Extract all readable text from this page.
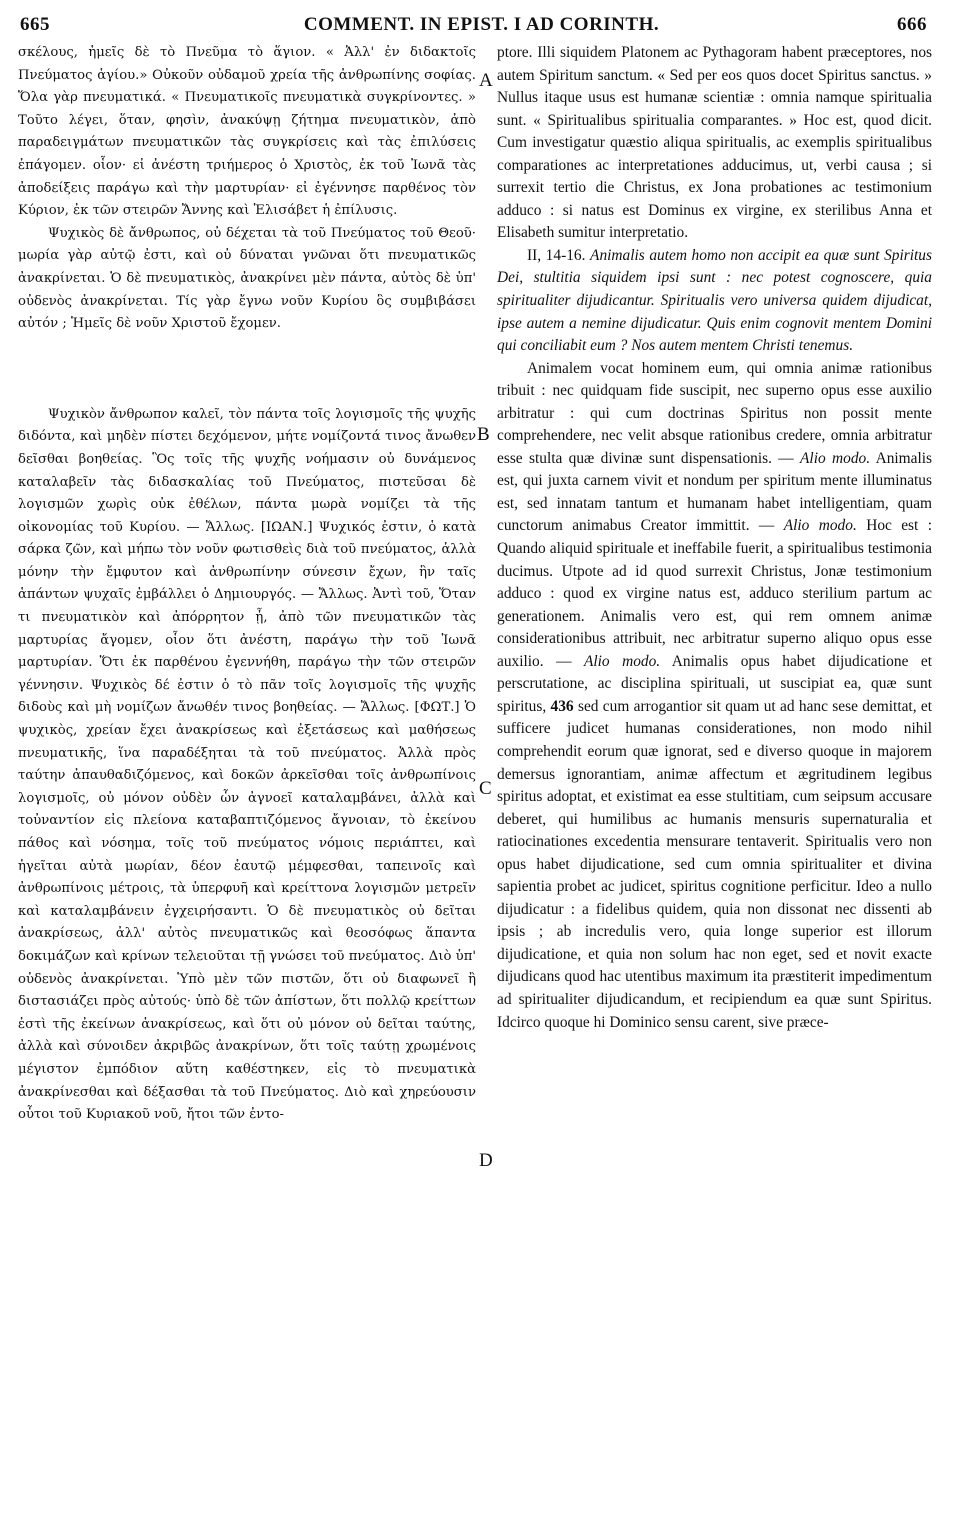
COMMENT. IN EPIST. I AD CORINTH.
665	666
A
B
C
D

σκέλους, ἡμεῖς δὲ τὸ Πνεῦμα τὸ ἅγιον. « Ἀλλ' ἐν διδακτοῖς Πνεύματος ἁγίου.» Οὐκοῦν οὐδαμοῦ χρεία τῆς ἀνθρωπίνης σοφίας. Ὅλα γὰρ πνευματικά. « Πνευματικοῖς πνευματικὰ συγκρίνοντες. » Τοῦτο λέγει, ὅταν, φησὶν, ἀνακύψῃ ζήτημα πνευματικὸν, ἀπὸ παραδειγμάτων πνευματικῶν τὰς συγκρίσεις καὶ τὰς ἐπιλύσεις ἐπάγομεν. οἷον· εἰ ἀνέστη τριήμερος ὁ Χριστὸς, ἐκ τοῦ Ἰωνᾶ τὰς ἀποδείξεις παράγω καὶ τὴν μαρτυρίαν· εἰ ἐγέννησε παρθένος τὸν Κύριον, ἐκ τῶν στειρῶν Ἄννης καὶ Ἐλισάβετ ἡ ἐπίλυσις.

Ψυχικὸς δὲ ἄνθρωπος, οὐ δέχεται τὰ τοῦ Πνεύματος τοῦ Θεοῦ· μωρία γὰρ αὐτῷ ἐστι, καὶ οὐ δύναται γνῶναι ὅτι πνευματικῶς ἀνακρίνεται. Ὁ δὲ πνευματικὸς, ἀνακρίνει μὲν πάντα, αὐτὸς δὲ ὑπ' οὐδενὸς ἀνακρίνεται. Τίς γὰρ ἔγνω νοῦν Κυρίου ὃς συμβιβάσει αὐτόν ; Ἡμεῖς δὲ νοῦν Χριστοῦ ἔχομεν.

Ψυχικὸν ἄνθρωπον καλεῖ, τὸν πάντα τοῖς λογισμοῖς τῆς ψυχῆς διδόντα, καὶ μηδὲν πίστει δεχόμενον, μήτε νομίζοντά τινος ἄνωθεν δεῖσθαι βοηθείας. Ὃς τοῖς τῆς ψυχῆς νοήμασιν οὐ δυνάμενος καταλαβεῖν τὰς διδασκαλίας τοῦ Πνεύματος, πιστεῦσαι δὲ λογισμῶν χωρὶς οὐκ ἐθέλων, πάντα μωρὰ νομίζει τὰ τῆς οἰκονομίας τοῦ Κυρίου. — Ἄλλως. [ΙΩΑΝ.] Ψυχικός ἐστιν, ὁ κατὰ σάρκα ζῶν, καὶ μήπω τὸν νοῦν φωτισθεὶς διὰ τοῦ πνεύματος, ἀλλὰ μόνην τὴν ἔμφυτον καὶ ἀνθρωπίνην σύνεσιν ἔχων, ἣν ταῖς ἁπάντων ψυχαῖς ἐμβάλλει ὁ Δημιουργός. — Ἄλλως. Ἀντὶ τοῦ, Ὅταν τι πνευματικὸν καὶ ἀπόρρητον ᾖ, ἀπὸ τῶν πνευματικῶν τὰς μαρτυρίας ἄγομεν, οἷον ὅτι ἀνέστη, παράγω τὴν τοῦ Ἰωνᾶ μαρτυρίαν. Ὅτι ἐκ παρθένου ἐγεννήθη, παράγω τὴν τῶν στειρῶν γέννησιν. Ψυχικὸς δέ ἐστιν ὁ τὸ πᾶν τοῖς λογισμοῖς τῆς ψυχῆς διδοὺς καὶ μὴ νομίζων ἄνωθέν τινος βοηθείας. — Ἄλλως. [ΦΩΤ.] Ὁ ψυχικὸς, χρείαν ἔχει ἀνακρίσεως καὶ ἐξετάσεως καὶ μαθήσεως πνευματικῆς, ἵνα παραδέξηται τὰ τοῦ πνεύματος. Ἀλλὰ πρὸς ταύτην ἀπαυθαδιζόμενος, καὶ δοκῶν ἀρκεῖσθαι τοῖς ἀνθρωπίνοις λογισμοῖς, οὐ μόνον οὐδὲν ὧν ἀγνοεῖ καταλαμβάνει, ἀλλὰ καὶ τοὐναντίον εἰς πλείονα καταβαπτιζόμενος ἄγνοιαν, τὸ ἐκείνου πάθος καὶ νόσημα, τοῖς τοῦ πνεύματος νόμοις περιάπτει, καὶ ἡγεῖται αὐτὰ μωρίαν, δέον ἑαυτῷ μέμφεσθαι, ταπεινοῖς καὶ ἀνθρωπίνοις μέτροις, τὰ ὑπερφυῆ καὶ κρείττονα λογισμῶν μετρεῖν καὶ καταλαμβάνειν ἐγχειρήσαντι. Ὁ δὲ πνευματικὸς οὐ δεῖται ἀνακρίσεως, ἀλλ' αὐτὸς πνευματικῶς καὶ θεοσόφως ἅπαντα δοκιμάζων καὶ κρίνων τελειοῦται τῇ γνώσει τοῦ πνεύματος. Διὸ ὑπ' οὐδενὸς ἀνακρίνεται. Ὑπὸ μὲν τῶν πιστῶν, ὅτι οὐ διαφωνεῖ ἢ διστασιάζει πρὸς αὐτούς· ὑπὸ δὲ τῶν ἀπίστων, ὅτι πολλῷ κρείττων ἐστὶ τῆς ἐκείνων ἀνακρίσεως, καὶ ὅτι οὐ μόνον οὐ δεῖται ταύτης, ἀλλὰ καὶ σύνοιδεν ἀκριβῶς ἀνακρίνων, ὅτι τοῖς ταύτῃ χρωμένοις μέγιστον ἐμπόδιον αὕτη καθέστηκεν, εἰς τὸ πνευματικὰ ἀνακρίνεσθαι καὶ δέξασθαι τὰ τοῦ Πνεύματος. Διὸ καὶ χηρεύουσιν οὗτοι τοῦ Κυριακοῦ νοῦ, ἤτοι τῶν ἐντο-

ptore. Illi siquidem Platonem ac Pythagoram habent præceptores, nos autem Spiritum sanctum. « Sed per eos quos docet Spiritus sanctus. » Nullus itaque usus est humanæ scientiæ : omnia namque spiritualia sunt. « Spiritualibus spiritualia comparantes. » Hoc est, quod dicit. Cum investigatur quæstio aliqua spiritualis, ac exemplis spiritualibus comparationes ac interpretationes adducimus, ut, verbi causa ; si surrexit tertio die Christus, ex Jona probationes ac testimonium adduco : si natus est Dominus ex virgine, ex sterilibus Anna et Elisabeth sumitur interpretatio.

II, 14-16. Animalis autem homo non accipit ea quæ sunt Spiritus Dei, stultitia siquidem ipsi sunt : nec potest cognoscere, quia spiritualiter dijudicantur. Spiritualis vero universa quidem dijudicat, ipse autem a nemine dijudicatur. Quis enim cognovit mentem Domini qui conciliabit eum ? Nos autem mentem Christi tenemus.

Animalem vocat hominem eum, qui omnia animæ rationibus tribuit : nec quidquam fide suscipit, nec superno opus esse auxilio arbitratur : qui cum doctrinas Spiritus non possit mente comprehendere, nec velit absque rationibus credere, omnia arbitratur esse stulta quæ divinæ sunt dispensationis. — Alio modo. Animalis est, qui juxta carnem vivit et nondum per spiritum mente illuminatus est, sed innatam tantum et humanam habet intelligentiam, quam cunctorum animabus Creator immittit. — Alio modo. Hoc est : Quando aliquid spirituale et ineffabile fuerit, a spiritualibus testimonia ducimus. Utpote ad id quod surrexit Christus, Jonæ testimonium adduco : quod ex virgine natus est, adduco sterilium partum ac generationem. Animalis vero est, qui rem omnem animæ considerationibus attribuit, nec arbitratur superno aliquo opus esse auxilio. — Alio modo. Animalis opus habet dijudicatione et perscrutatione, ac disciplina spirituali, ut suscipiat ea, quæ sunt spiritus, 436 sed cum arrogantior sit quam ut ad hanc sese demittat, et sufficere judicet humanas considerationes, non modo nihil comprehendit eorum quæ ignorat, sed e diverso quoque in majorem demersus ignorantiam, animæ affectum et ægritudinem legibus spiritus adoptat, et existimat ea esse stultitiam, cum seipsum accusare deberet, qui humilibus ac humanis mensuris supernaturalia et ratiocinationes excedentia mensurare tentaverit. Spiritualis vero non opus habet dijudicatione, sed cum omnia spiritualiter et divina sapientia probet ac judicet, spiritus cognitione perficitur. Ideo a nullo dijudicatur : a fidelibus quidem, quia non dissonat nec dissenti ab ipsis ; ab incredulis vero, quia longe superior est illorum dijudicatione, et quia non solum hac non eget, sed et novit exacte dijudicans quod hac utentibus maximum ita præstiterit impedimentum ad spiritualiter dijudicandum, et recipiendum ea quæ sunt Spiritus. Idcirco quoque hi Dominico sensu carent, sive præce-
